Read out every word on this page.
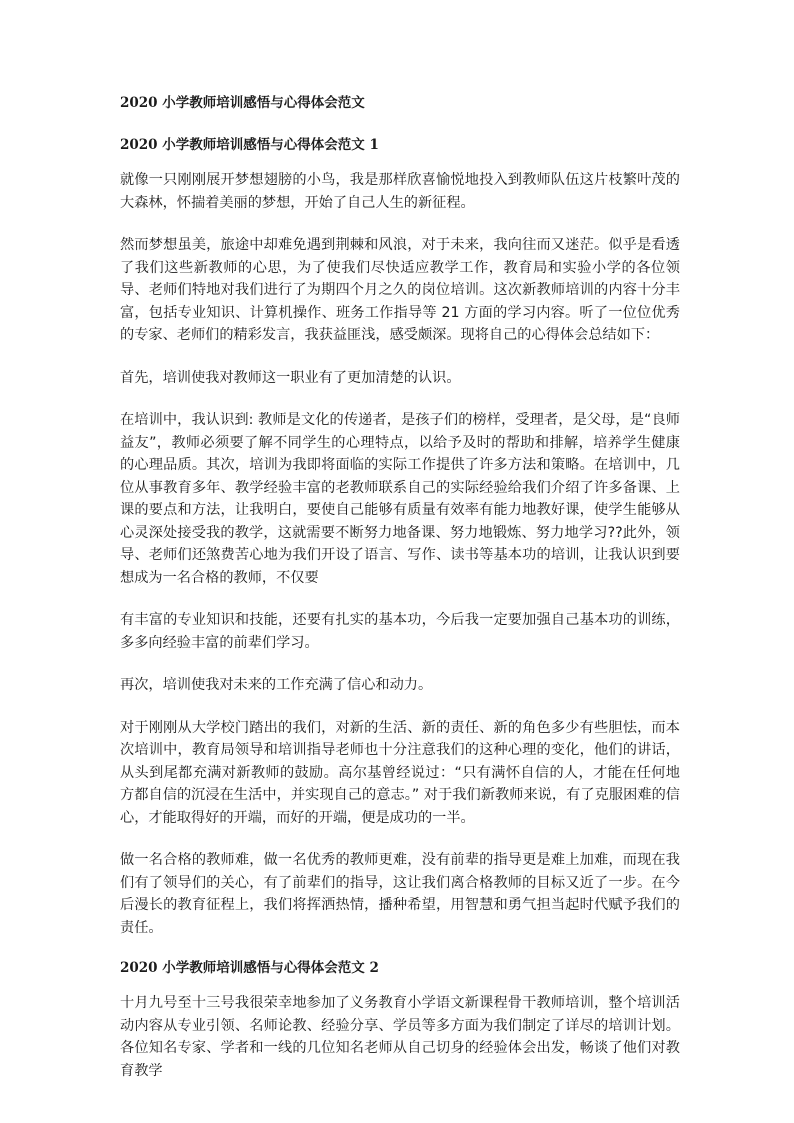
2020 小学教师培训感悟与心得体会范文

2020 小学教师培训感悟与心得体会范文 1

就像一只刚刚展开梦想翅膀的小鸟，我是那样欣喜愉悦地投入到教师队伍这片枝繁叶茂的大森林，怀揣着美丽的梦想，开始了自己人生的新征程。

然而梦想虽美，旅途中却难免遇到荆棘和风浪，对于未来，我向往而又迷茫。似乎是看透了我们这些新教师的心思，为了使我们尽快适应教学工作，教育局和实验小学的各位领导、老师们特地对我们进行了为期四个月之久的岗位培训。这次新教师培训的内容十分丰富，包括专业知识、计算机操作、班务工作指导等 21 方面的学习内容。听了一位位优秀的专家、老师们的精彩发言，我获益匪浅，感受颇深。现将自己的心得体会总结如下：

首先，培训使我对教师这一职业有了更加清楚的认识。

在培训中，我认识到: 教师是文化的传递者，是孩子们的榜样，受理者，是父母，是“良师益友”，教师必须要了解不同学生的心理特点，以给予及时的帮助和排解，培养学生健康的心理品质。其次，培训为我即将面临的实际工作提供了许多方法和策略。在培训中，几位从事教育多年、教学经验丰富的老教师联系自己的实际经验给我们介绍了许多备课、上课的要点和方法，让我明白，要使自己能够有质量有效率有能力地教好课，使学生能够从心灵深处接受我的教学，这就需要不断努力地备课、努力地锻炼、努力地学习??此外，领导、老师们还煞费苦心地为我们开设了语言、写作、读书等基本功的培训，让我认识到要想成为一名合格的教师，不仅要

有丰富的专业知识和技能，还要有扎实的基本功，今后我一定要加强自己基本功的训练，多多向经验丰富的前辈们学习。

再次，培训使我对未来的工作充满了信心和动力。

对于刚刚从大学校门踏出的我们，对新的生活、新的责任、新的角色多少有些胆怯，而本次培训中，教育局领导和培训指导老师也十分注意我们的这种心理的变化，他们的讲话，从头到尾都充满对新教师的鼓励。高尔基曾经说过：“只有满怀自信的人，才能在任何地方都自信的沉浸在生活中，并实现自己的意志。” 对于我们新教师来说，有了克服困难的信心，才能取得好的开端，而好的开端，便是成功的一半。

做一名合格的教师难，做一名优秀的教师更难，没有前辈的指导更是难上加难，而现在我们有了领导们的关心，有了前辈们的指导，这让我们离合格教师的目标又近了一步。在今后漫长的教育征程上，我们将挥洒热情，播种希望，用智慧和勇气担当起时代赋予我们的责任。

2020 小学教师培训感悟与心得体会范文 2

十月九号至十三号我很荣幸地参加了义务教育小学语文新课程骨干教师培训，整个培训活动内容从专业引领、名师论教、经验分享、学员等多方面为我们制定了详尽的培训计划。各位知名专家、学者和一线的几位知名老师从自己切身的经验体会出发，畅谈了他们对教育教学
